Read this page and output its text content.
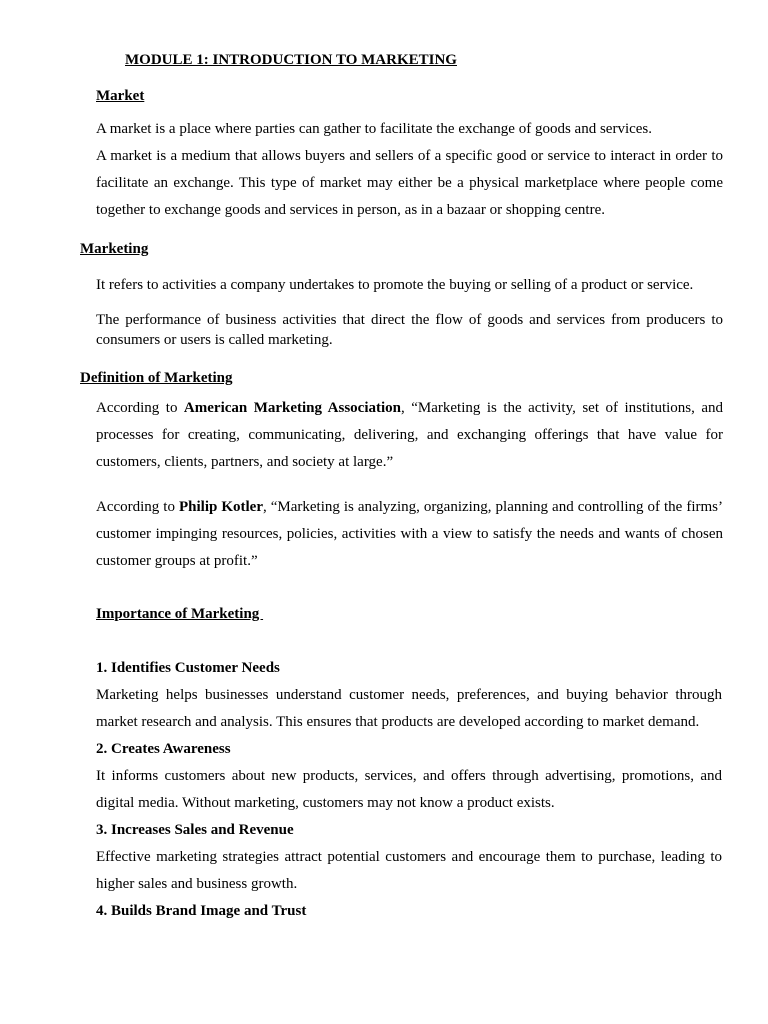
MODULE 1: INTRODUCTION TO MARKETING

Market

A market is a place where parties can gather to facilitate the exchange of goods and services.

A market is a medium that allows buyers and sellers of a specific good or service to interact in order to facilitate an exchange. This type of market may either be a physical marketplace where people come together to exchange goods and services in person, as in a bazaar or shopping centre.

Marketing

It refers to activities a company undertakes to promote the buying or selling of a product or service.

The performance of business activities that direct the flow of goods and services from producers to consumers or users is called marketing.

Definition of Marketing

According to American Marketing Association, “Marketing is the activity, set of institutions, and processes for creating, communicating, delivering, and exchanging offerings that have value for customers, clients, partners, and society at large.”

According to Philip Kotler, “Marketing is analyzing, organizing, planning and controlling of the firms’ customer impinging resources, policies, activities with a view to satisfy the needs and wants of chosen customer groups at profit.”

Importance of Marketing

1. Identifies Customer Needs

Marketing helps businesses understand customer needs, preferences, and buying behavior through market research and analysis. This ensures that products are developed according to market demand.

2. Creates Awareness

It informs customers about new products, services, and offers through advertising, promotions, and digital media. Without marketing, customers may not know a product exists.

3. Increases Sales and Revenue

Effective marketing strategies attract potential customers and encourage them to purchase, leading to higher sales and business growth.

4. Builds Brand Image and Trust
